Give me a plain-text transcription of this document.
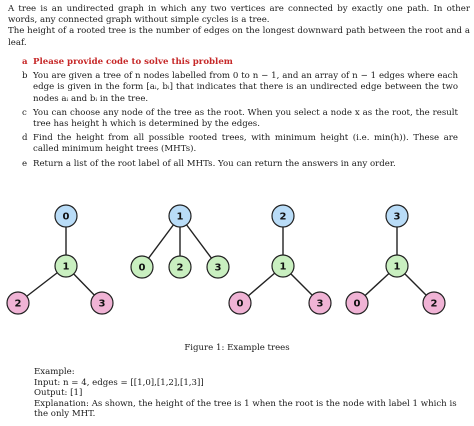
A tree is an undirected graph in which any two vertices are connected by exactly one path. In other words, any connected graph without simple cycles is a tree.

The height of a rooted tree is the number of edges on the longest downward path between the root and a leaf.

a Please provide code to solve this problem
b You are given a tree of n nodes labelled from 0 to n − 1, and an array of n − 1 edges where each edge is given in the form [aᵢ, bᵢ] that indicates that there is an undirected edge between the two nodes aᵢ and bᵢ in the tree.
c You can choose any node of the tree as the root. When you select a node x as the root, the result tree has height h which is determined by the edges.
d Find the height from all possible rooted trees, with minimum height (i.e. min(h)). These are called minimum height trees (MHTs).
e Return a list of the root label of all MHTs. You can return the answers in any order.
0
1
2	3
1
0	2	3
2
1
0	3
3
1
0	2
Figure 1: Example trees

Example:

Input: n = 4, edges = [[1,0],[1,2],[1,3]]

Output: [1]

Explanation: As shown, the height of the tree is 1 when the root is the node with label 1 which is the only MHT.
